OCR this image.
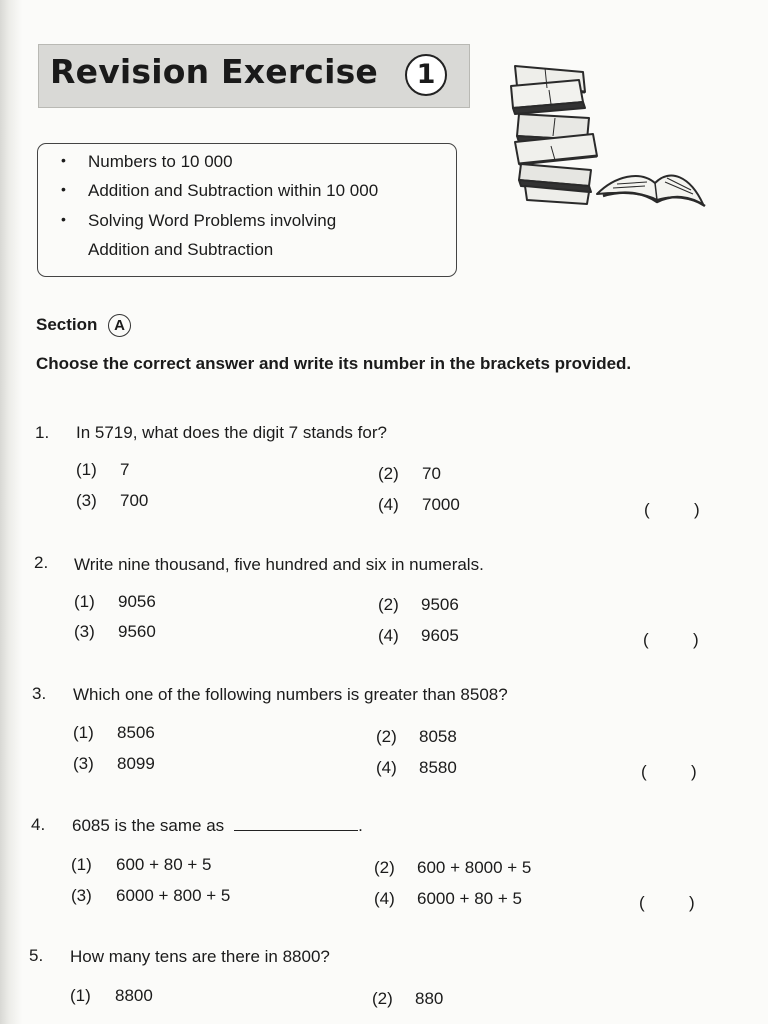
Revision Exercise	1
• Numbers to 10 000
• Addition and Subtraction within 10 000
• Solving Word Problems involving
Addition and Subtraction
Section	A
Choose the correct answer and write its number in the brackets provided.
1. In 5719, what does the digit 7 stands for?
(1) 7	(2) 70
(3) 700	(4) 7000	(	)
2. Write nine thousand, five hundred and six in numerals.
(1) 9056	(2) 9506
(3) 9560	(4) 9605	(	)
3. Which one of the following numbers is greater than 8508?
(1) 8506	(2) 8058
(3) 8099	(4) 8580	(	)
4. 6085 is the same as	.
(1) 600 + 80 + 5	(2) 600 + 8000 + 5
(3) 6000 + 800 + 5	(4) 6000 + 80 + 5	(	)
5. How many tens are there in 8800?
(1) 8800	(2) 880
